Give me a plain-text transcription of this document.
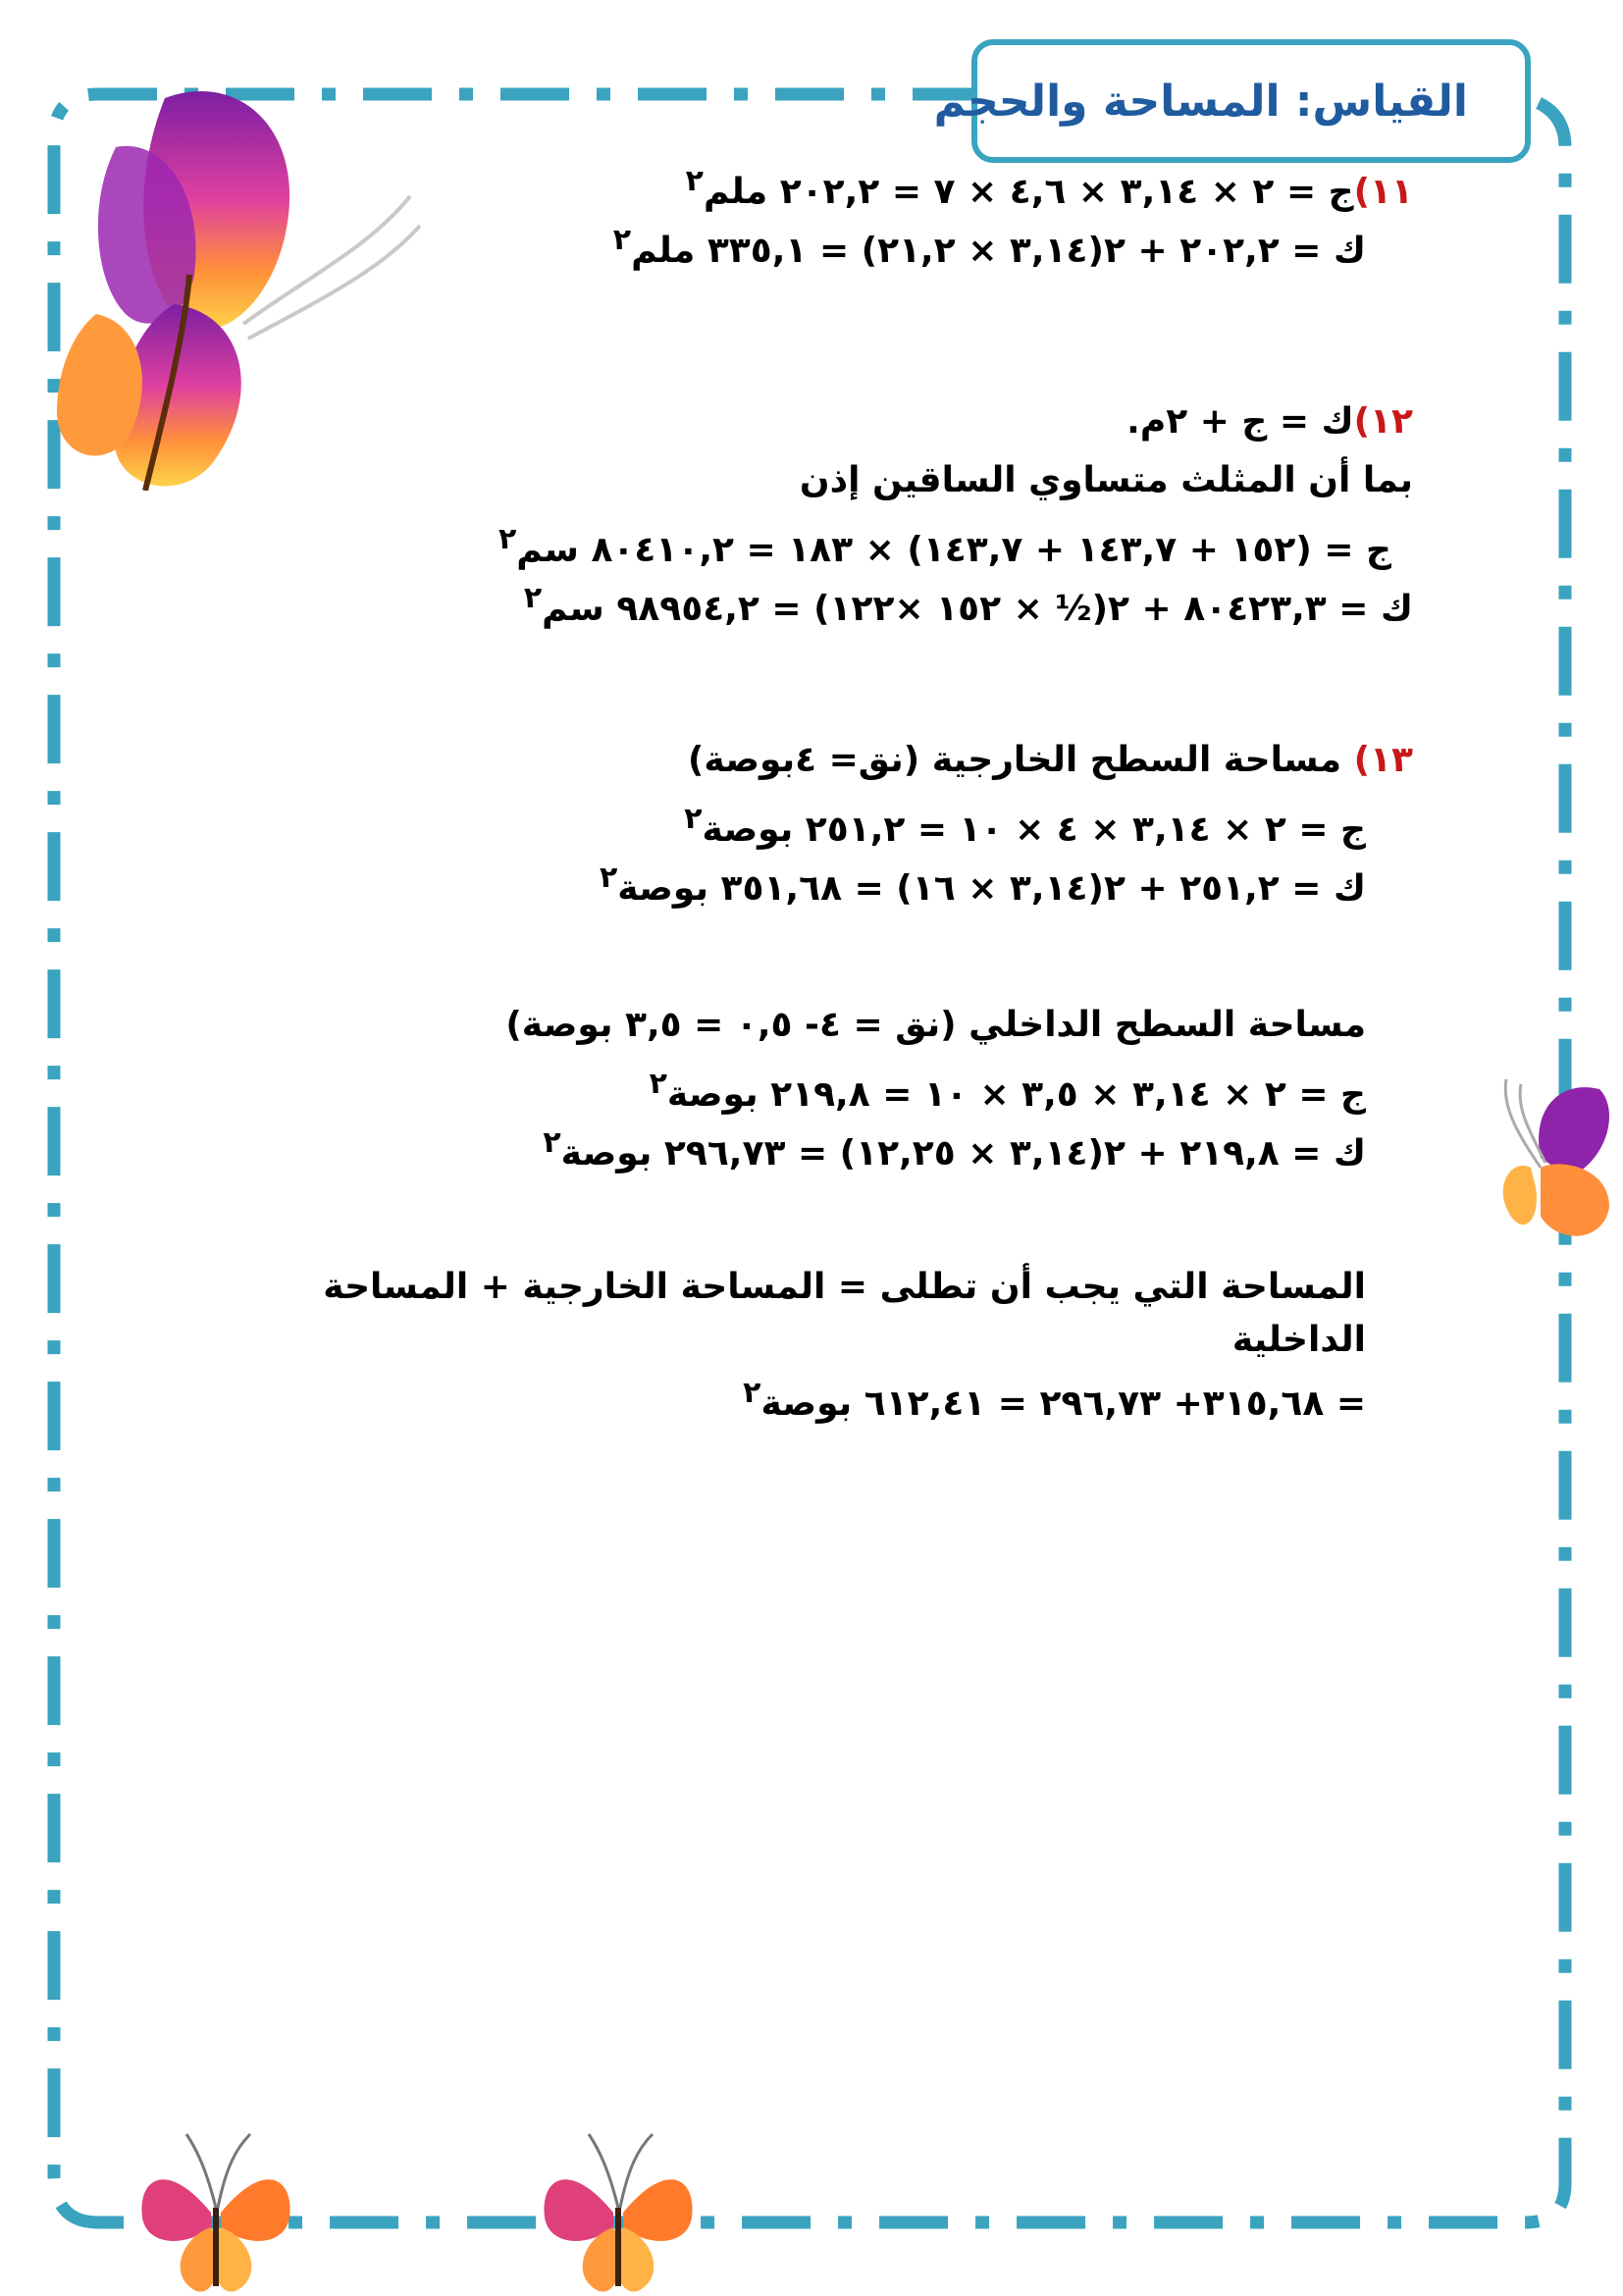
القياس: المساحة والحجم
١١)ج = ٢ × ٣,١٤ × ٤,٦ × ٧ = ٢٠٢,٢ ملم$^٢$
ك = ٢٠٢,٢ + ٢(٣,١٤ × ٢١,٢) = ٣٣٥,١ ملم$^٢$
١٢)ك = ج + ٢م.
بما أن المثلث متساوي الساقين إذن
ج = (١٥٢ + ١٤٣,٧ + ١٤٣,٧) × ١٨٣ = ٨٠٤١٠,٢ سم$^٢$
ك = ٨٠٤٢٣,٣ + ٢(½ × ١٥٢ ×١٢٢) = ٩٨٩٥٤,٢ سم$^٢$
١٣) مساحة السطح الخارجية (نق= ٤بوصة)
ج = ٢ × ٣,١٤ × ٤ × ١٠ = ٢٥١,٢ بوصة$^٢$
ك = ٢٥١,٢ + ٢(٣,١٤ × ١٦) = ٣٥١,٦٨ بوصة$^٢$
مساحة السطح الداخلي (نق = ٤- ٠,٥ = ٣,٥ بوصة)
ج = ٢ × ٣,١٤ × ٣,٥ × ١٠ = ٢١٩,٨ بوصة$^٢$
ك = ٢١٩,٨ + ٢(٣,١٤ × ١٢,٢٥) = ٢٩٦,٧٣ بوصة$^٢$
المساحة التي يجب أن تطلى = المساحة الخارجية + المساحة الداخلية
= ٣١٥,٦٨+ ٢٩٦,٧٣ = ٦١٢,٤١ بوصة$^٢$
